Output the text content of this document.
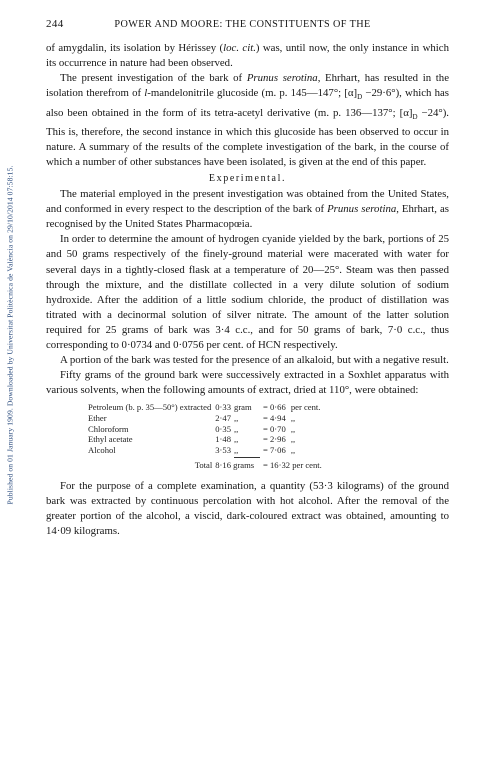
Published on 01 January 1909. Downloaded by Universitat Politècnica de València on 29/10/2014 07:58:15.
244	POWER AND MOORE: THE CONSTITUENTS OF THE

of amygdalin, its isolation by Hérissey (loc. cit.) was, until now, the only instance in which its occurrence in nature had been observed.

The present investigation of the bark of Prunus serotina, Ehrhart, has resulted in the isolation therefrom of l-mandelonitrile glucoside (m. p. 145—147°; $[\alpha]_D -29\cdot 6^\circ$), which has also been obtained in the form of its tetra-acetyl derivative (m. p. 136—137°; $[\alpha]_D -24^\circ$). This is, therefore, the second instance in which this glucoside has been observed to occur in nature. A summary of the results of the complete investigation of the bark, in the course of which a number of other substances have been isolated, is given at the end of this paper.

Experimental.

The material employed in the present investigation was obtained from the United States, and conformed in every respect to the description of the bark of Prunus serotina, Ehrhart, as recognised by the United States Pharmacopœia.

In order to determine the amount of hydrogen cyanide yielded by the bark, portions of 25 and 50 grams respectively of the finely-ground material were macerated with water for several days in a tightly-closed flask at a temperature of 20—25°. Steam was then passed through the mixture, and the distillate collected in a very dilute solution of sodium hydroxide. After the addition of a little sodium chloride, the product of distillation was titrated with a decinormal solution of silver nitrate. The amount of the latter solution required for 25 grams of bark was 3·4 c.c., and for 50 grams of bark, 7·0 c.c., thus corresponding to 0·0734 and 0·0756 per cent. of HCN respectively.

A portion of the bark was tested for the presence of an alkaloid, but with a negative result.

Fifty grams of the ground bark were successively extracted in a Soxhlet apparatus with various solvents, when the following amounts of extract, dried at 110°, were obtained:

Petroleum (b. p. 35—50°) extracted	0·33	gram	= 0·66	per cent.
Ether	2·47	,,	= 4·94	,,
Chloroform	0·35	,,	= 0·70	,,
Ethyl acetate	1·48	,,	= 2·96	,,
Alcohol	3·53	,,	= 7·06	,,

Total	8·16 grams		= 16·32 per cent.	

For the purpose of a complete examination, a quantity (53·3 kilograms) of the ground bark was extracted by continuous percolation with hot alcohol. After the removal of the greater portion of the alcohol, a viscid, dark-coloured extract was obtained, amounting to 14·09 kilograms.
